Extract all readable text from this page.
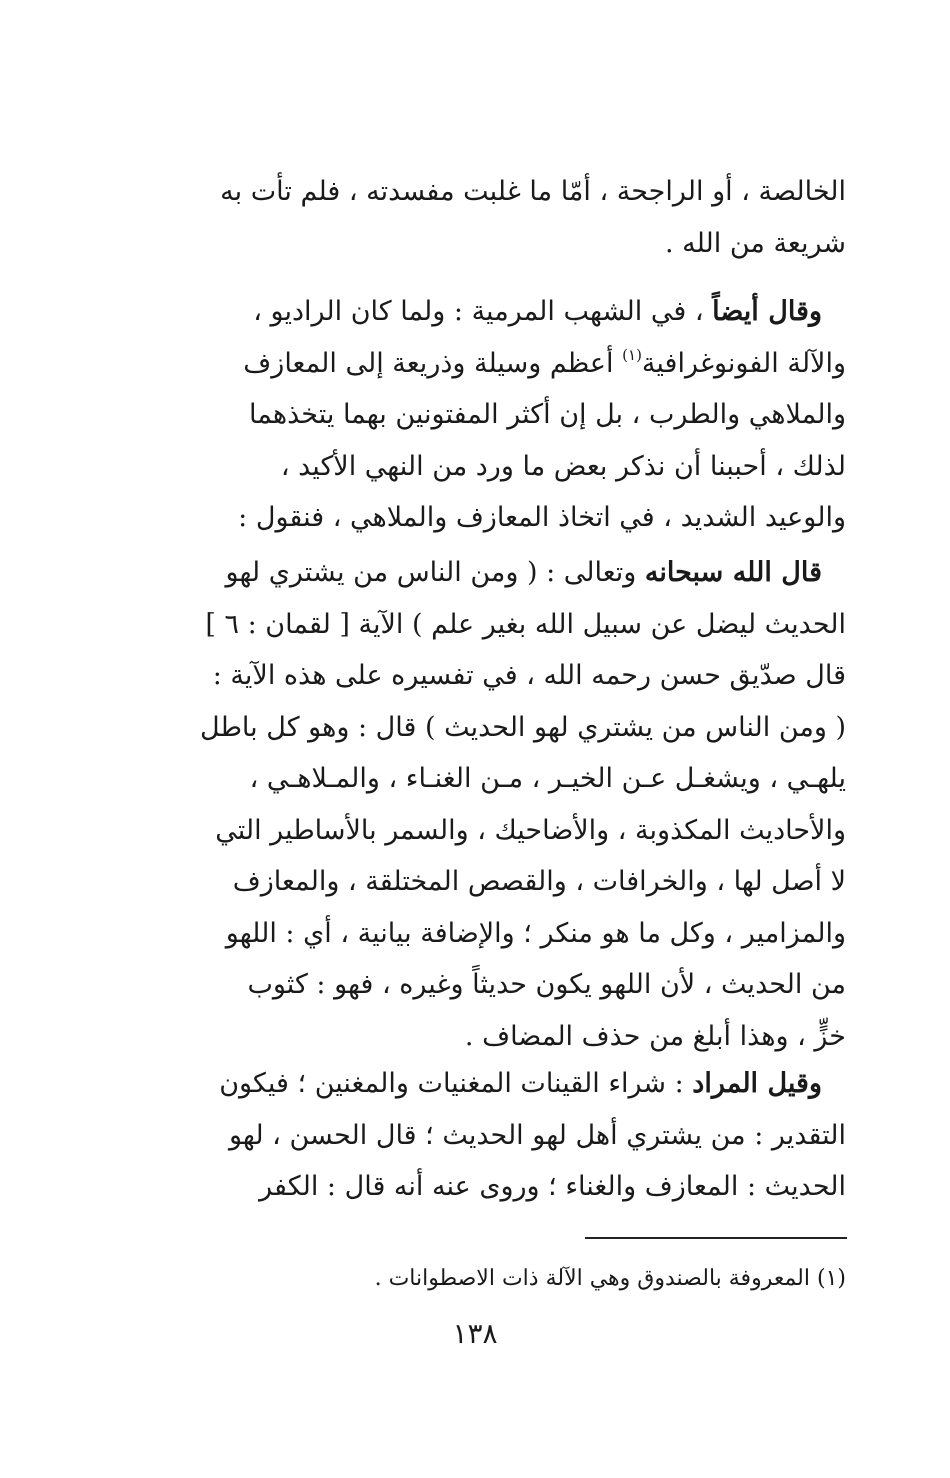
الخالصة ، أو الراجحة ، أمّا ما غلبت مفسدته ، فلم تأت به
شريعة من الله .
وقال أيضاً ، في الشهب المرمية : ولما كان الراديو ،
والآلة الفونوغرافية$^{(١)}$ أعظم وسيلة وذريعة إلى المعازف
والملاهي والطرب ، بل إن أكثر المفتونين بهما يتخذهما
لذلك ، أحببنا أن نذكر بعض ما ورد من النهي الأكيد ،
والوعيد الشديد ، في اتخاذ المعازف والملاهي ، فنقول :
قال الله سبحانه وتعالى : ( ومن الناس من يشتري لهو
الحديث ليضل عن سبيل الله بغير علم ) الآية [ لقمان : ٦ ]
قال صدّيق حسن رحمه الله ، في تفسيره على هذه الآية :
( ومن الناس من يشتري لهو الحديث ) قال : وهو كل باطل
يلهـي ، ويشغـل عـن الخيـر ، مـن الغنـاء ، والمـلاهـي ،
والأحاديث المكذوبة ، والأضاحيك ، والسمر بالأساطير التي
لا أصل لها ، والخرافات ، والقصص المختلقة ، والمعازف
والمزامير ، وكل ما هو منكر ؛ والإضافة بيانية ، أي : اللهو
من الحديث ، لأن اللهو يكون حديثاً وغيره ، فهو : كثوب
خزٍّ ، وهذا أبلغ من حذف المضاف .
وقيل المراد : شراء القينات المغنيات والمغنين ؛ فيكون
التقدير : من يشتري أهل لهو الحديث ؛ قال الحسن ، لهو
الحديث : المعازف والغناء ؛ وروى عنه أنه قال : الكفر
(١) المعروفة بالصندوق وهي الآلة ذات الاصطوانات .
١٣٨
